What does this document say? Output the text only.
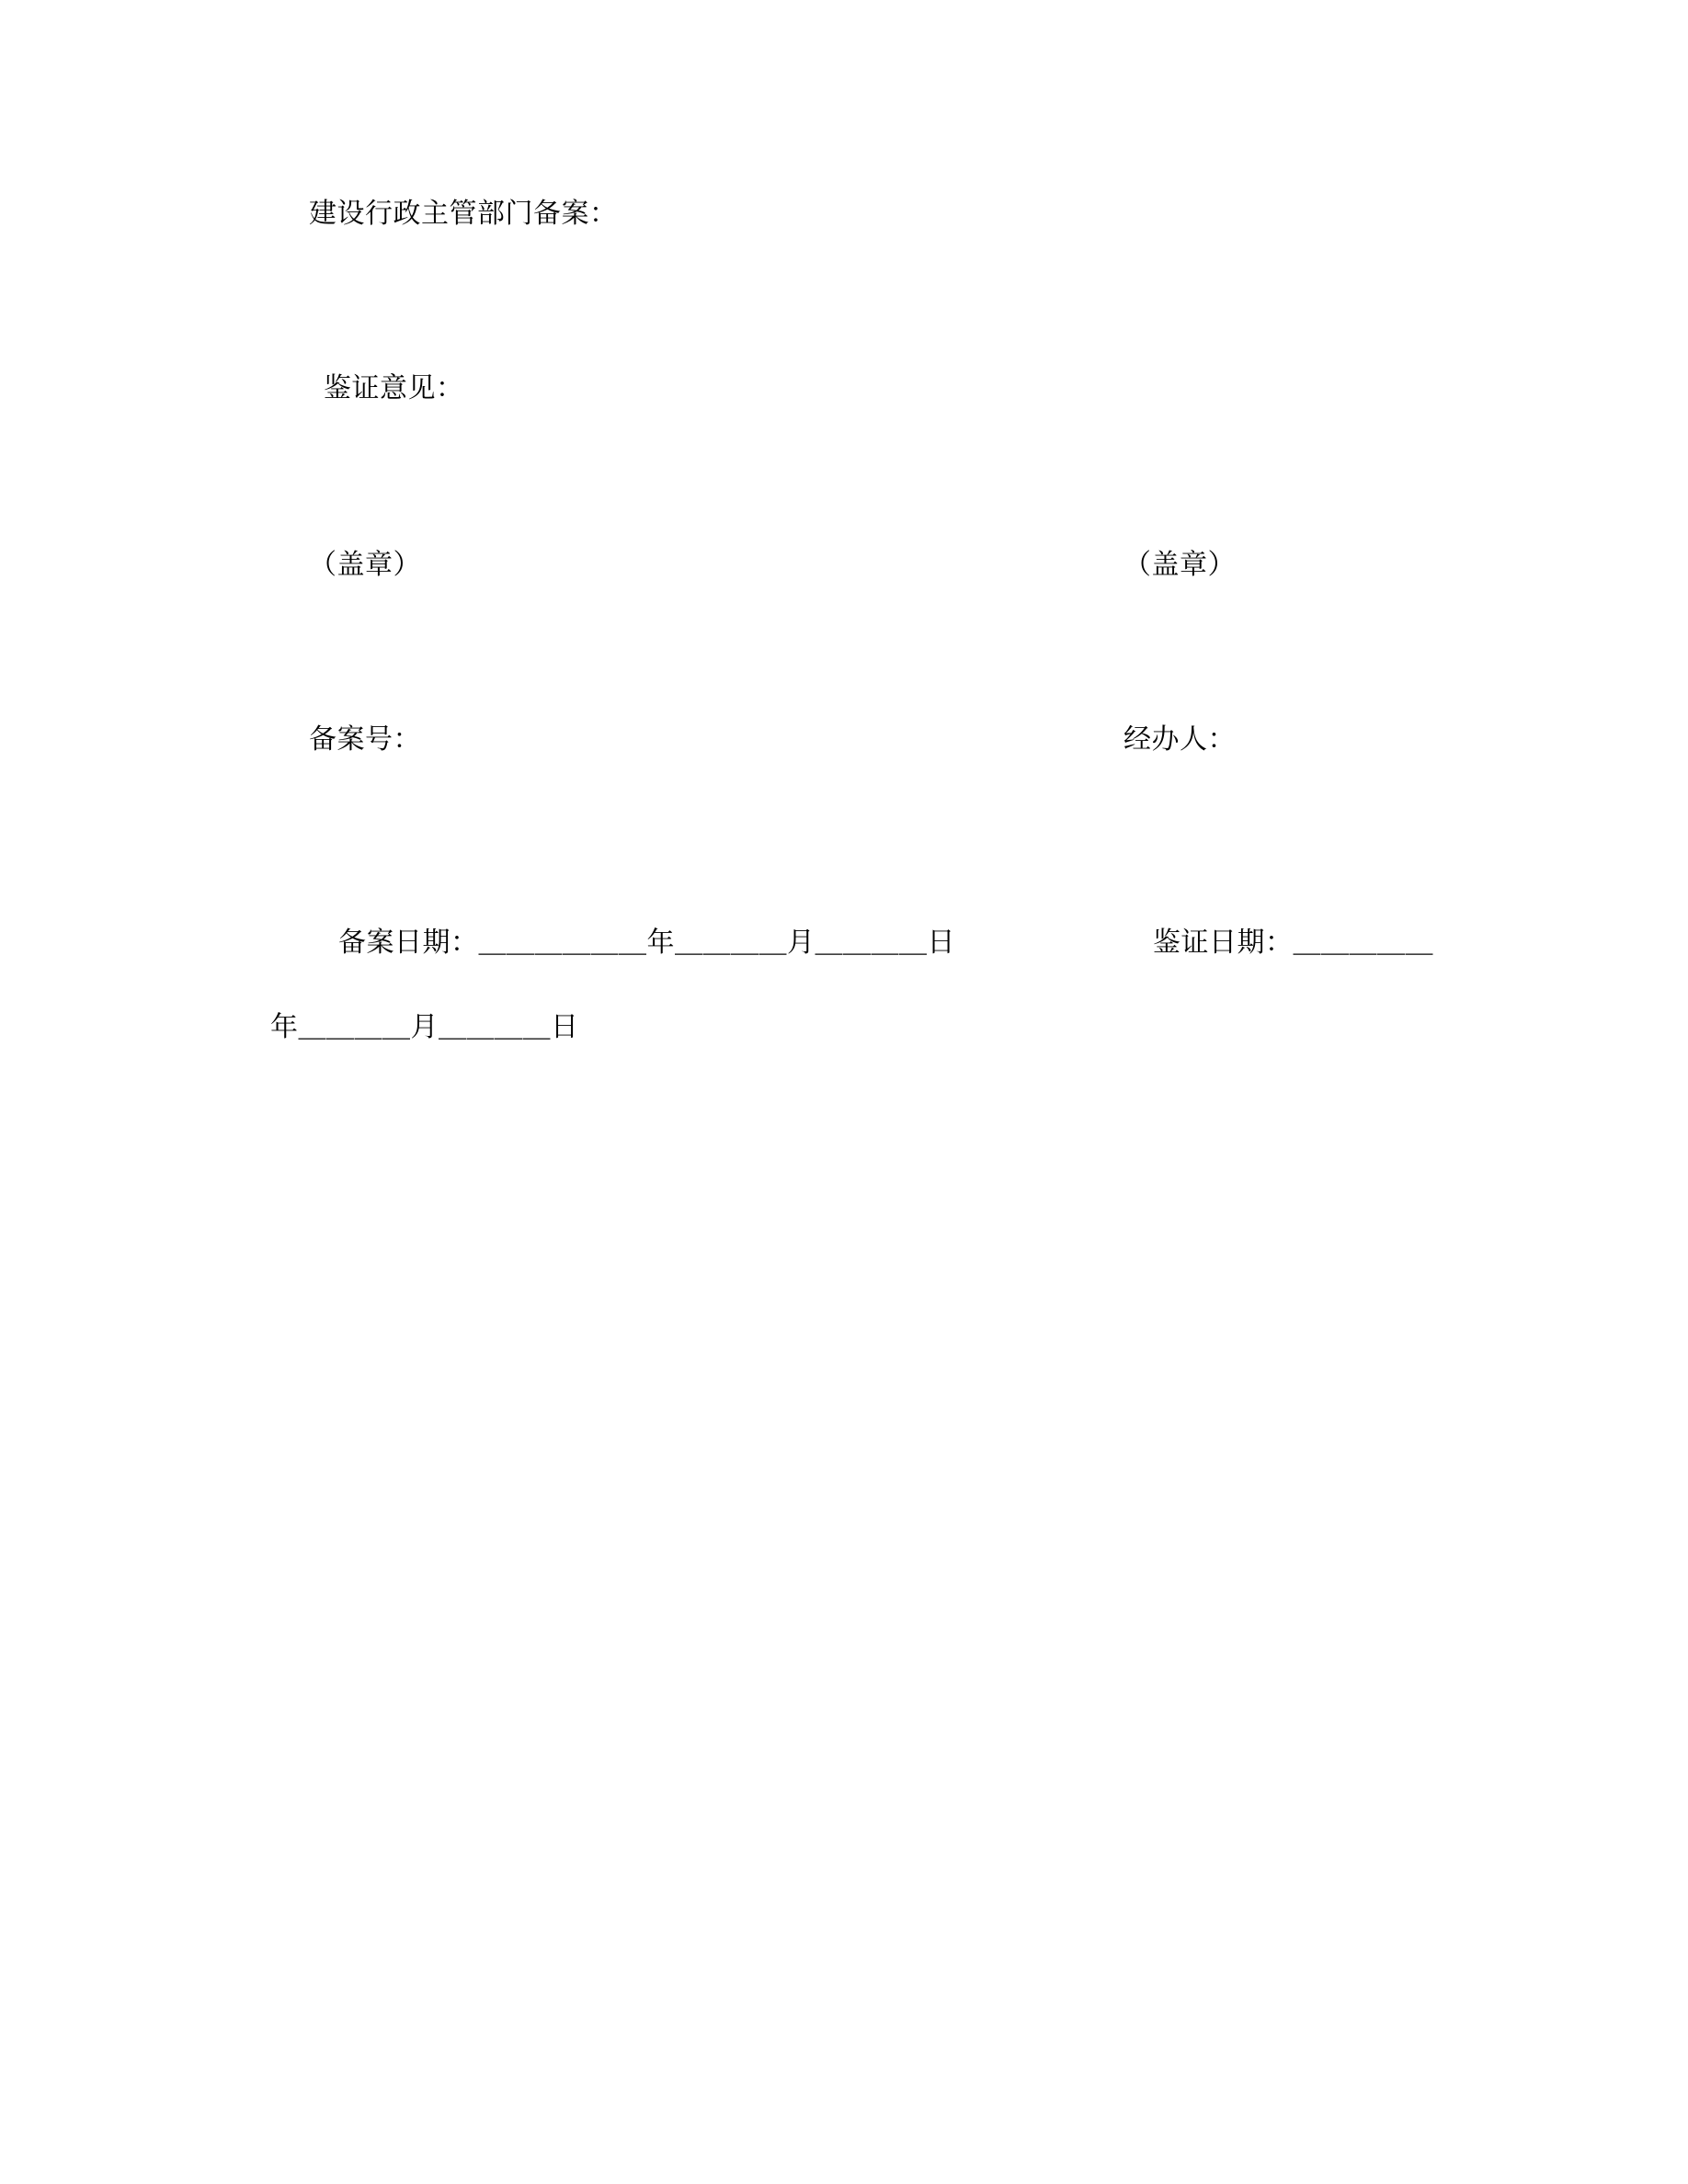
建设行政主管部门备案：
鉴证意见：
（盖章）	（盖章）
备案号：	经办人：

备案日期：＿＿＿＿＿＿年＿＿＿＿月＿＿＿＿日
	鉴证日期：＿＿＿＿＿

年＿＿＿＿月＿＿＿＿日
